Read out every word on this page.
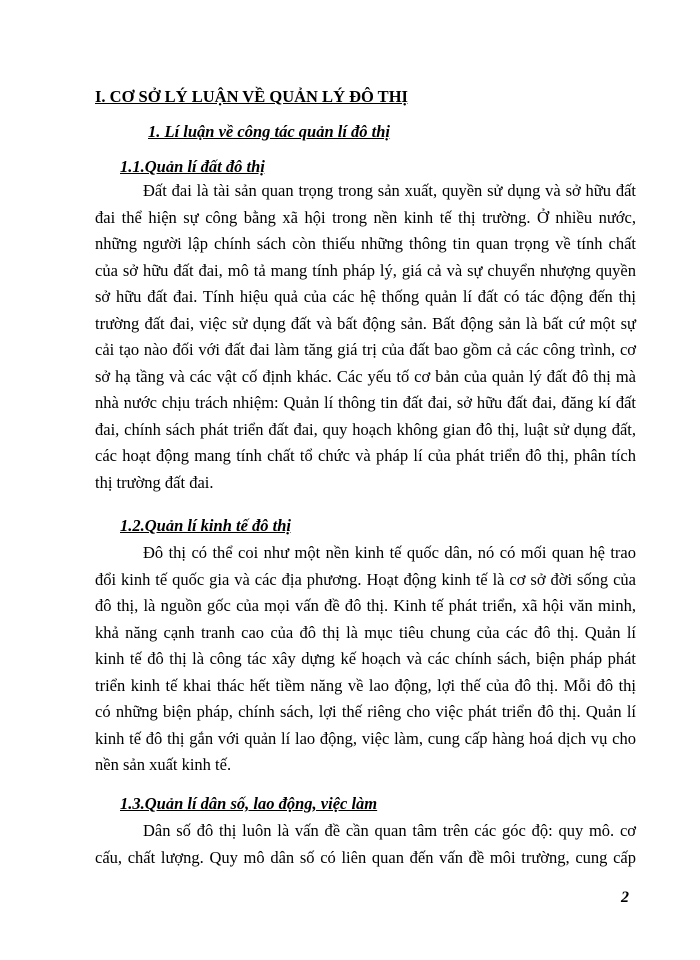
I. CƠ SỞ LÝ LUẬN VỀ QUẢN LÝ ĐÔ THỊ
1. Lí luận về công tác quản lí đô thị
1.1.Quản lí đất đô thị
Đất đai là tài sản quan trọng trong sản xuất, quyền sử dụng và sở hữu đất
đai thể hiện sự công bằng xã hội trong nền kinh tế thị trường. Ở nhiều nước,
những người lập chính sách còn thiếu những thông tin quan trọng về tính chất
của sở hữu đất đai, mô tả mang tính pháp lý, giá cả và sự chuyển nhượng quyền
sở hữu đất đai. Tính hiệu quả của các hệ thống quản lí đất có tác động đến thị
trường đất đai, việc sử dụng đất và bất động sản. Bất động sản là bất cứ một sự
cải tạo nào đối với đất đai làm tăng giá trị của đất bao gồm cả các công trình, cơ
sở hạ tầng và các vật cố định khác. Các yếu tố cơ bản của quản lý đất đô thị mà
nhà nước chịu trách nhiệm: Quản lí thông tin đất đai, sở hữu đất đai, đăng kí đất
đai, chính sách phát triển đất đai, quy hoạch không gian đô thị, luật sử dụng đất,
các hoạt động mang tính chất tổ chức và pháp lí của phát triển đô thị, phân tích
thị trường đất đai.
1.2.Quản lí kinh tế đô thị
Đô thị có thể coi như một nền kinh tế quốc dân, nó có mối quan hệ trao
đổi kinh tế quốc gia và các địa phương. Hoạt động kinh tế là cơ sở đời sống của
đô thị, là nguồn gốc của mọi vấn đề đô thị. Kinh tế phát triển, xã hội văn minh,
khả năng cạnh tranh cao của đô thị là mục tiêu chung của các đô thị. Quản lí
kinh tế đô thị là công tác xây dựng kế hoạch và các chính sách, biện pháp phát
triển kinh tế khai thác hết tiềm năng về lao động, lợi thế của đô thị. Mỗi đô thị
có những biện pháp, chính sách, lợi thế riêng cho việc phát triển đô thị. Quản lí
kinh tế đô thị gắn với quản lí lao động, việc làm, cung cấp hàng hoá dịch vụ cho
nền sản xuất kinh tế.
1.3.Quản lí dân số, lao động, việc làm
Dân số đô thị luôn là vấn đề cần quan tâm trên các góc độ: quy mô. cơ
cấu, chất lượng. Quy mô dân số có liên quan đến vấn đề môi trường, cung cấp
2
